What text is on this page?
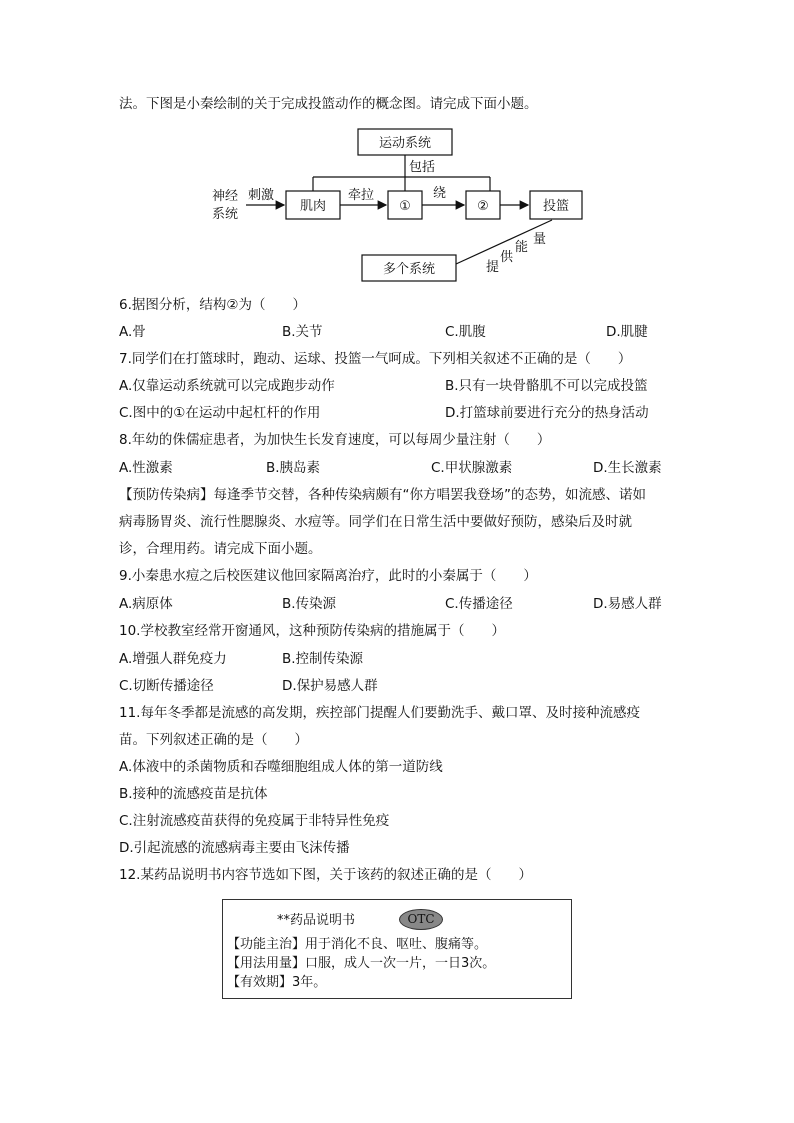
法。下图是小秦绘制的关于完成投篮动作的概念图。请完成下面小题。
运动系统
包括
神经
系统
刺激
肌肉
牵拉
①
绕
②	投篮
多个系统	提
供
能
量
6.据图分析，结构②为（　　）
A.骨	B.关节	C.肌腹	D.肌腱
7.同学们在打篮球时，跑动、运球、投篮一气呵成。下列相关叙述不正确的是（　　）
A.仅靠运动系统就可以完成跑步动作	B.只有一块骨骼肌不可以完成投篮
C.图中的①在运动中起杠杆的作用	D.打篮球前要进行充分的热身活动
8.年幼的侏儒症患者，为加快生长发育速度，可以每周少量注射（　　）
A.性激素	B.胰岛素	C.甲状腺激素	D.生长激素
【预防传染病】每逢季节交替，各种传染病颇有“你方唱罢我登场”的态势，如流感、诺如
病毒肠胃炎、流行性腮腺炎、水痘等。同学们在日常生活中要做好预防，感染后及时就
诊，合理用药。请完成下面小题。
9.小秦患水痘之后校医建议他回家隔离治疗，此时的小秦属于（　　）
A.病原体	B.传染源	C.传播途径	D.易感人群
10.学校教室经常开窗通风，这种预防传染病的措施属于（　　）
A.增强人群免疫力	B.控制传染源
C.切断传播途径	D.保护易感人群
11.每年冬季都是流感的高发期，疾控部门提醒人们要勤洗手、戴口罩、及时接种流感疫
苗。下列叙述正确的是（　　）
A.体液中的杀菌物质和吞噬细胞组成人体的第一道防线
B.接种的流感疫苗是抗体
C.注射流感疫苗获得的免疫属于非特异性免疫
D.引起流感的流感病毒主要由飞沫传播
12.某药品说明书内容节选如下图，关于该药的叙述正确的是（　　）
**药品说明书	OTC
【功能主治】用于消化不良、呕吐、腹痛等。
【用法用量】口服，成人一次一片，一日3次。
【有效期】3年。
